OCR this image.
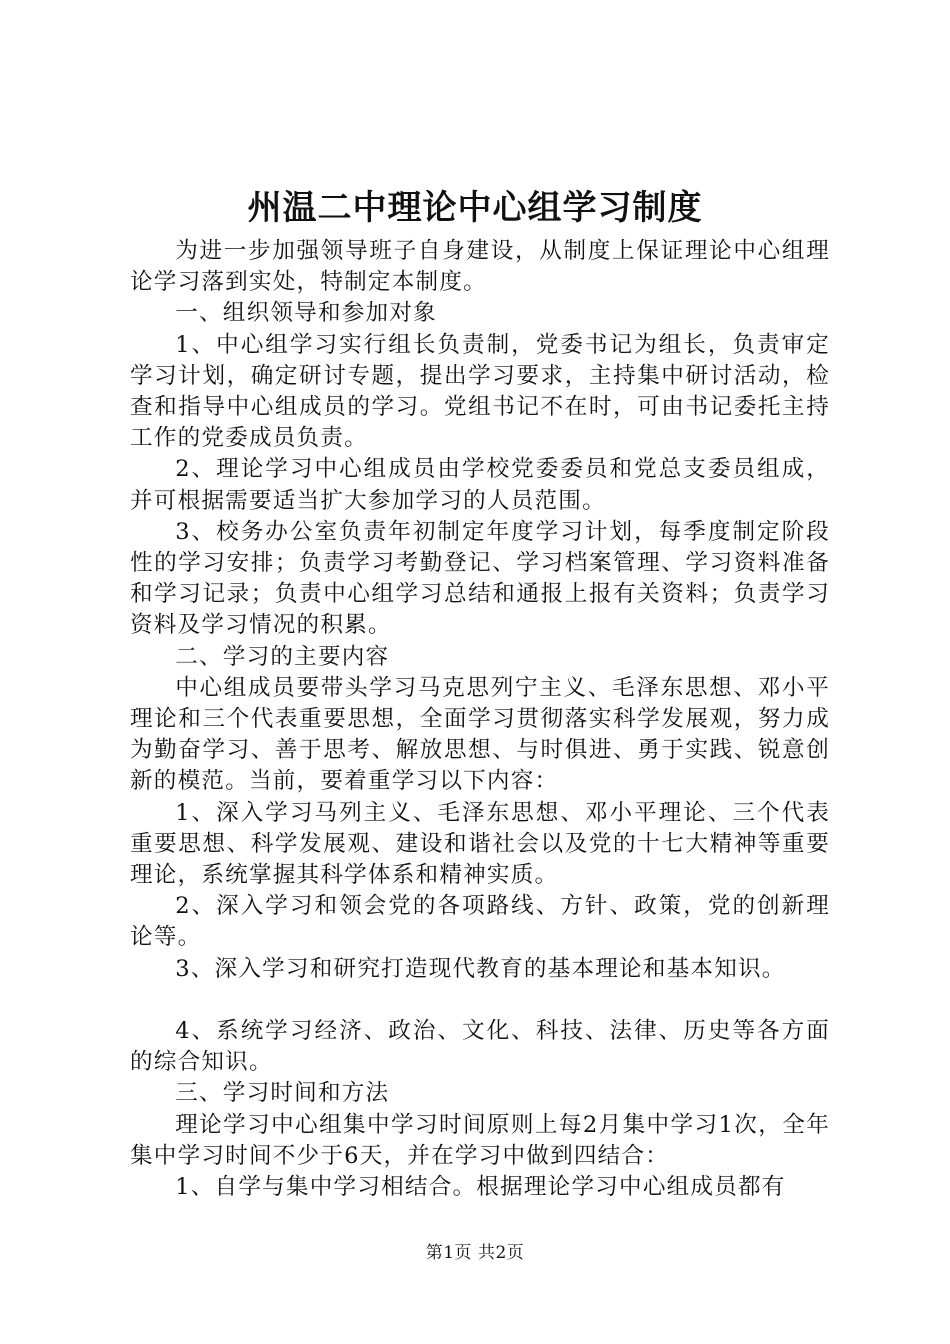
州温二中理论中心组学习制度

为进一步加强领导班子自身建设，从制度上保证理论中心组理论学习落到实处，特制定本制度。

一、组织领导和参加对象

1、中心组学习实行组长负责制，党委书记为组长，负责审定学习计划，确定研讨专题，提出学习要求，主持集中研讨活动，检查和指导中心组成员的学习。党组书记不在时，可由书记委托主持工作的党委成员负责。

2、理论学习中心组成员由学校党委委员和党总支委员组成，并可根据需要适当扩大参加学习的人员范围。

3、校务办公室负责年初制定年度学习计划，每季度制定阶段性的学习安排；负责学习考勤登记、学习档案管理、学习资料准备和学习记录；负责中心组学习总结和通报上报有关资料；负责学习资料及学习情况的积累。

二、学习的主要内容

中心组成员要带头学习马克思列宁主义、毛泽东思想、邓小平理论和三个代表重要思想，全面学习贯彻落实科学发展观，努力成为勤奋学习、善于思考、解放思想、与时俱进、勇于实践、锐意创新的模范。当前，要着重学习以下内容：

1、深入学习马列主义、毛泽东思想、邓小平理论、三个代表重要思想、科学发展观、建设和谐社会以及党的十七大精神等重要理论，系统掌握其科学体系和精神实质。

2、深入学习和领会党的各项路线、方针、政策，党的创新理论等。

3、深入学习和研究打造现代教育的基本理论和基本知识。

4、系统学习经济、政治、文化、科技、法律、历史等各方面的综合知识。

三、学习时间和方法

理论学习中心组集中学习时间原则上每2月集中学习1次，全年集中学习时间不少于6天，并在学习中做到四结合：

1、自学与集中学习相结合。根据理论学习中心组成员都有

第1页 共2页
